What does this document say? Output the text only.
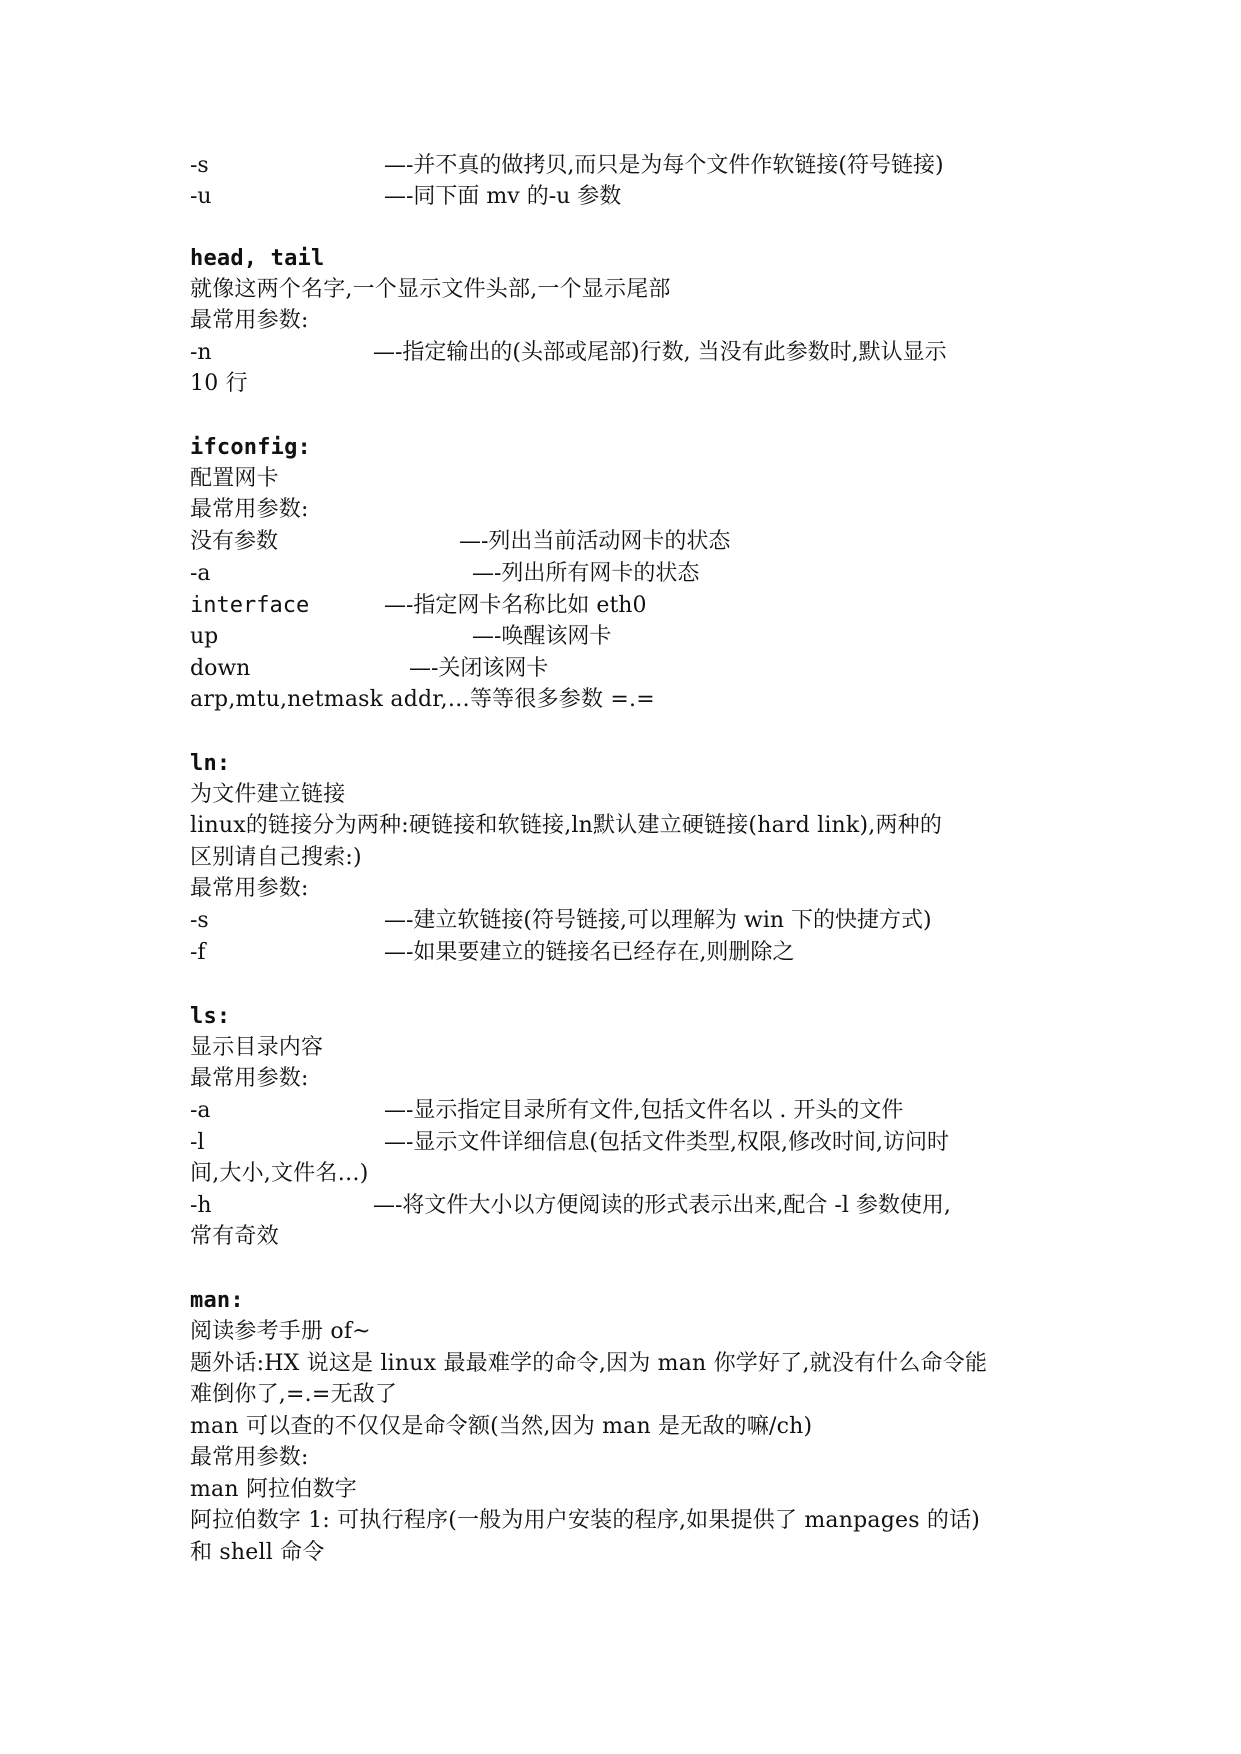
-s	—-并不真的做拷贝,而只是为每个文件作软链接(符号链接)
-u	—-同下面 mv 的-u 参数
head, tail
就像这两个名字,一个显示文件头部,一个显示尾部
最常用参数:
-n	—-指定输出的(头部或尾部)行数, 当没有此参数时,默认显示
10 行
ifconfig:
配置网卡
最常用参数:
没有参数	—-列出当前活动网卡的状态
-a	—-列出所有网卡的状态
interface	—-指定网卡名称比如 eth0
up	—-唤醒该网卡
down	—-关闭该网卡
arp,mtu,netmask addr,…等等很多参数 =.=
ln:
为文件建立链接
linux的链接分为两种:硬链接和软链接,ln默认建立硬链接(hard link),两种的
区别请自己搜索:)
最常用参数:
-s	—-建立软链接(符号链接,可以理解为 win 下的快捷方式)
-f	—-如果要建立的链接名已经存在,则删除之
ls:
显示目录内容
最常用参数:
-a	—-显示指定目录所有文件,包括文件名以 . 开头的文件
-l	—-显示文件详细信息(包括文件类型,权限,修改时间,访问时
间,大小,文件名…)
-h	—-将文件大小以方便阅读的形式表示出来,配合 -l 参数使用,
常有奇效
man:
阅读参考手册 of~
题外话:HX 说这是 linux 最最难学的命令,因为 man 你学好了,就没有什么命令能
难倒你了,=.=无敌了
man 可以查的不仅仅是命令额(当然,因为 man 是无敌的嘛/ch)
最常用参数:
man 阿拉伯数字
阿拉伯数字 1: 可执行程序(一般为用户安装的程序,如果提供了 manpages 的话)
和 shell 命令
